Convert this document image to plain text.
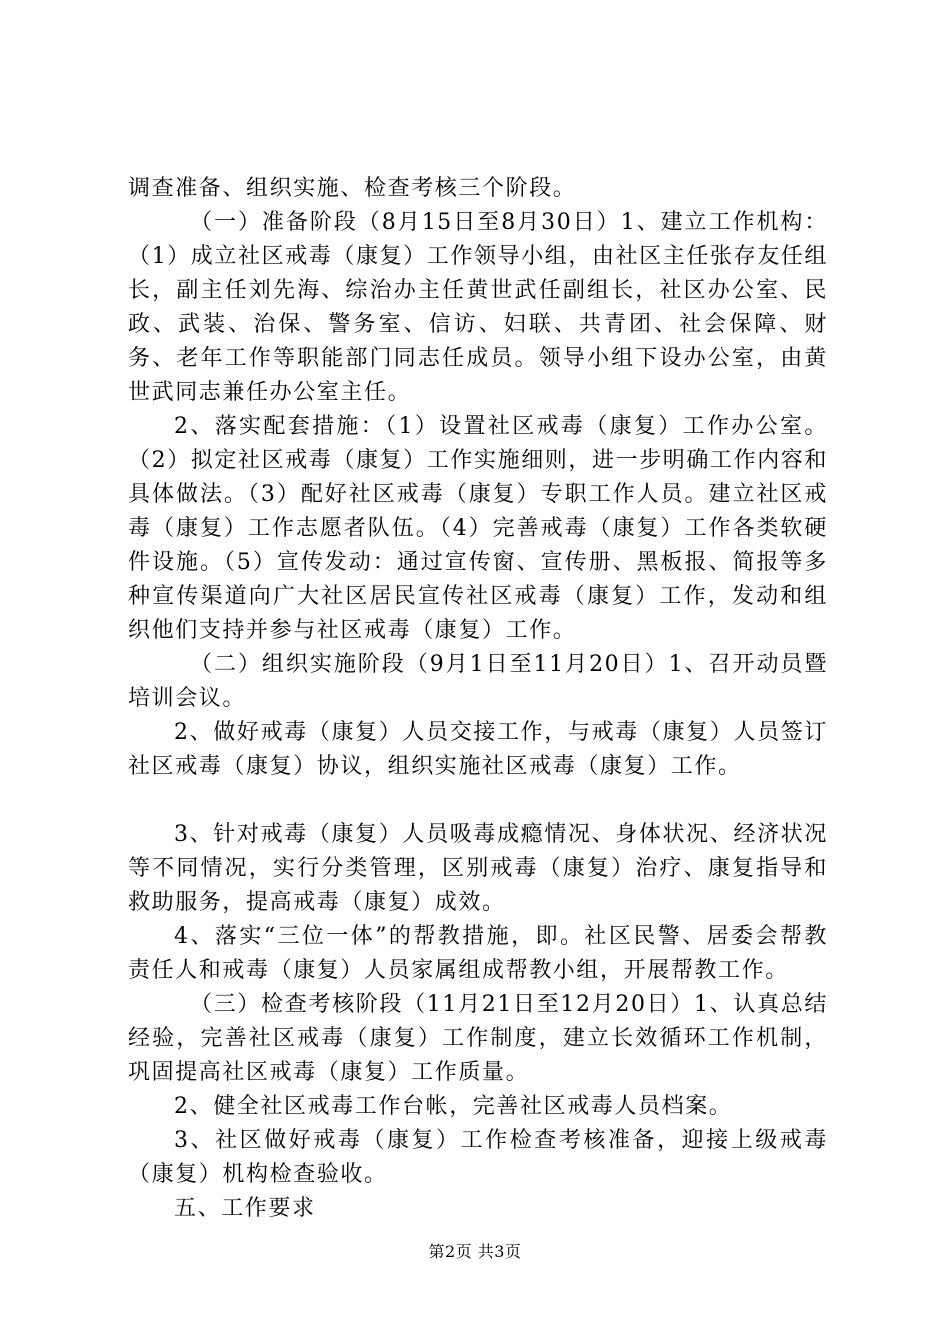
调查准备、组织实施、检查考核三个阶段。

（一）准备阶段（8月15日至8月30日）1、建立工作机构：（1）成立社区戒毒（康复）工作领导小组，由社区主任张存友任组长，副主任刘先海、综治办主任黄世武任副组长，社区办公室、民政、武装、治保、警务室、信访、妇联、共青团、社会保障、财务、老年工作等职能部门同志任成员。领导小组下设办公室，由黄世武同志兼任办公室主任。

2、落实配套措施：（1）设置社区戒毒（康复）工作办公室。（2）拟定社区戒毒（康复）工作实施细则，进一步明确工作内容和具体做法。（3）配好社区戒毒（康复）专职工作人员。建立社区戒毒（康复）工作志愿者队伍。（4）完善戒毒（康复）工作各类软硬件设施。（5）宣传发动：通过宣传窗、宣传册、黑板报、简报等多种宣传渠道向广大社区居民宣传社区戒毒（康复）工作，发动和组织他们支持并参与社区戒毒（康复）工作。

（二）组织实施阶段（9月1日至11月20日）1、召开动员暨培训会议。

2、做好戒毒（康复）人员交接工作，与戒毒（康复）人员签订社区戒毒（康复）协议，组织实施社区戒毒（康复）工作。

3、针对戒毒（康复）人员吸毒成瘾情况、身体状况、经济状况等不同情况，实行分类管理，区别戒毒（康复）治疗、康复指导和救助服务，提高戒毒（康复）成效。

4、落实“三位一体”的帮教措施，即。社区民警、居委会帮教责任人和戒毒（康复）人员家属组成帮教小组，开展帮教工作。

（三）检查考核阶段（11月21日至12月20日）1、认真总结经验，完善社区戒毒（康复）工作制度，建立长效循环工作机制，巩固提高社区戒毒（康复）工作质量。

2、健全社区戒毒工作台帐，完善社区戒毒人员档案。

3、社区做好戒毒（康复）工作检查考核准备，迎接上级戒毒（康复）机构检查验收。

五、工作要求

第2页 共3页
